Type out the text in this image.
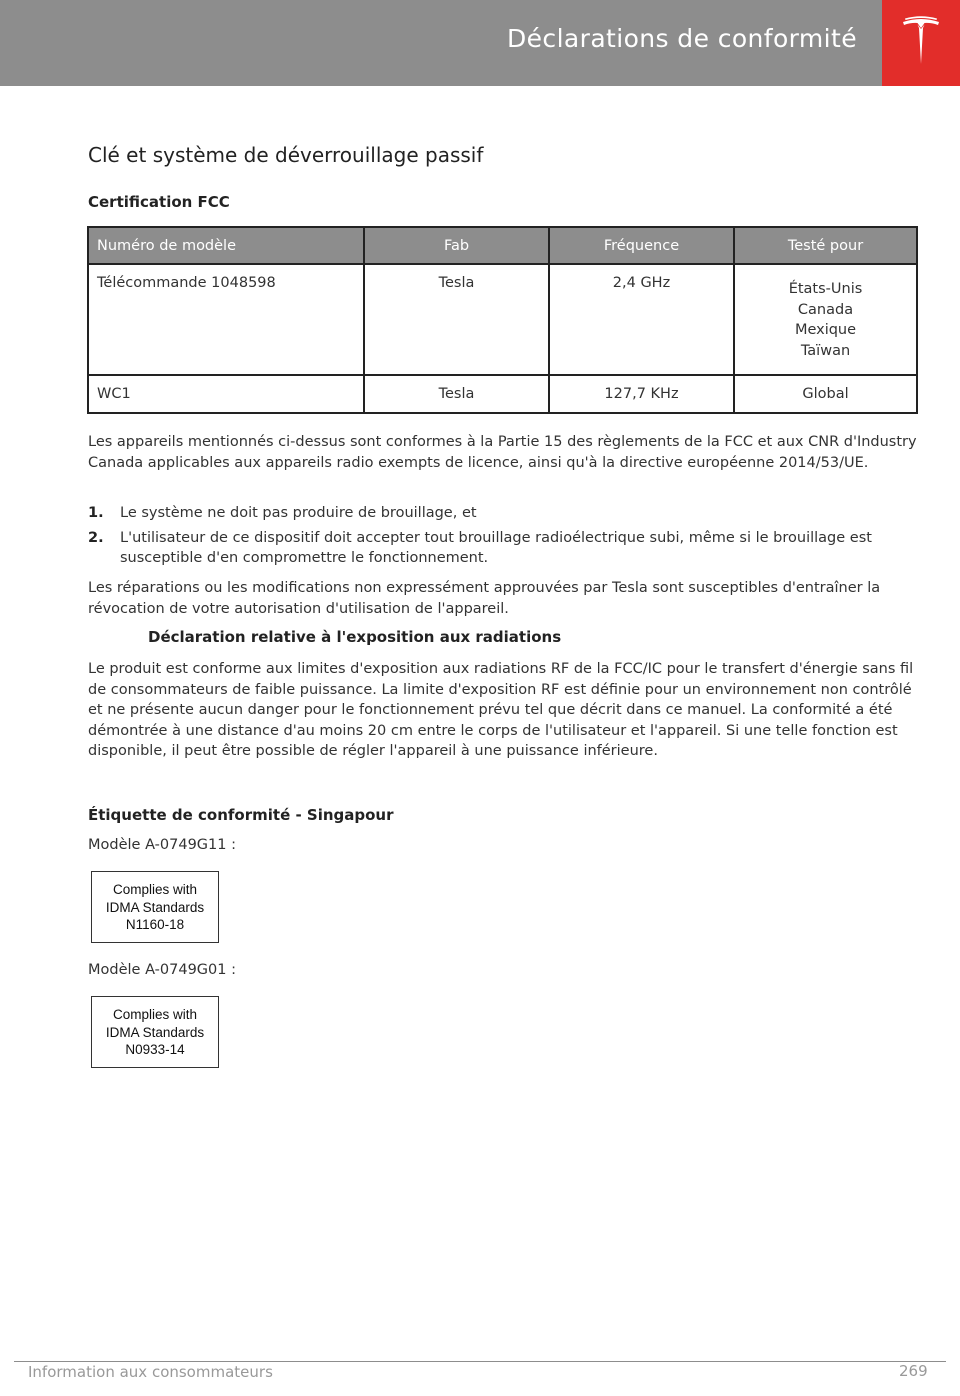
Déclarations de conformité
Clé et système de déverrouillage passif
Certification FCC
Numéro de modèle	Fab	Fréquence	Testé pour
Télécommande 1048598	Tesla	2,4 GHz	États-Unis
Canada
Mexique
Taïwan

WC1	Tesla	127,7 KHz	Global

Les appareils mentionnés ci-dessus sont conformes à la Partie 15 des règlements de la FCC et aux CNR d'Industry Canada applicables aux appareils radio exempts de licence, ainsi qu'à la directive européenne 2014/53/UE.

1. Le système ne doit pas produire de brouillage, et
2. L'utilisateur de ce dispositif doit accepter tout brouillage radioélectrique subi, même si le brouillage est susceptible d'en compromettre le fonctionnement.

Les réparations ou les modifications non expressément approuvées par Tesla sont susceptibles d'entraîner la révocation de votre autorisation d'utilisation de l'appareil.

Déclaration relative à l'exposition aux radiations

Le produit est conforme aux limites d'exposition aux radiations RF de la FCC/IC pour le transfert d'énergie sans fil de consommateurs de faible puissance. La limite d'exposition RF est définie pour un environnement non contrôlé et ne présente aucun danger pour le fonctionnement prévu tel que décrit dans ce manuel. La conformité a été démontrée à une distance d'au moins 20 cm entre le corps de l'utilisateur et l'appareil. Si une telle fonction est disponible, il peut être possible de régler l'appareil à une puissance inférieure.

Étiquette de conformité - Singapour
Modèle A-0749G11 :
Complies with
IDMA Standards
N1160-18
Modèle A-0749G01 :
Complies with
IDMA Standards
N0933-14
Information aux consommateurs	269
